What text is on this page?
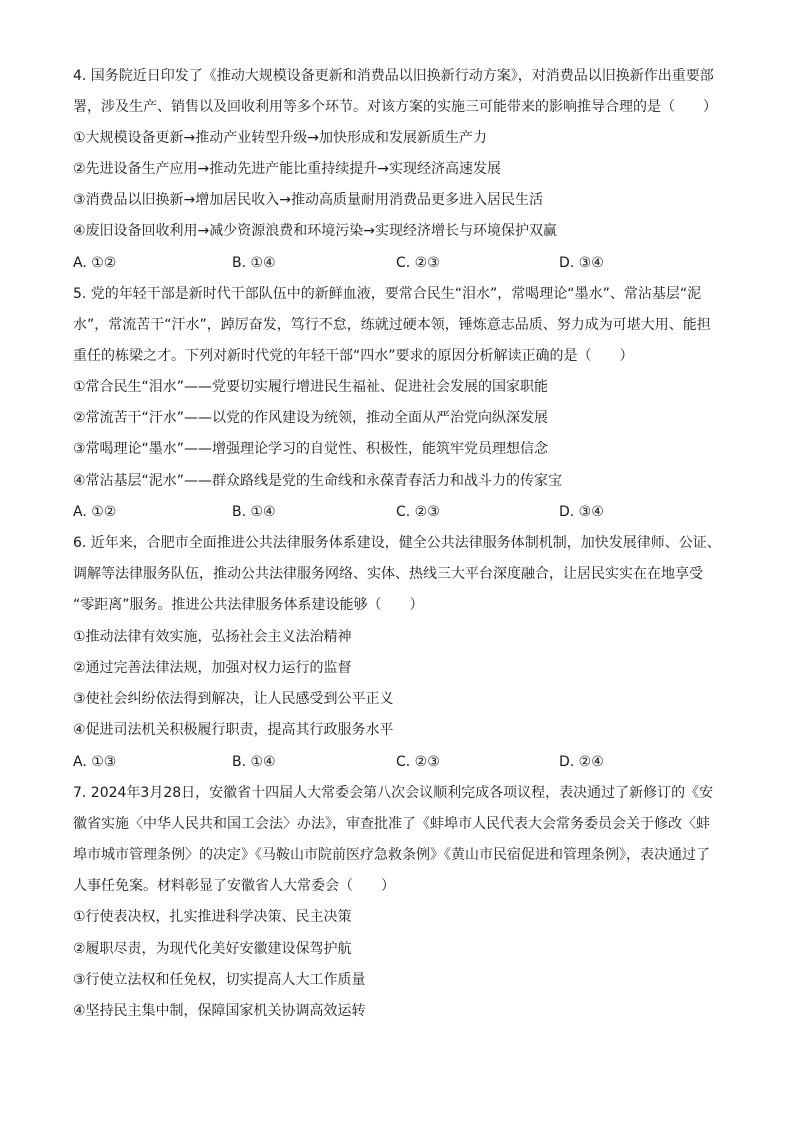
4. 国务院近日印发了《推动大规模设备更新和消费品以旧换新行动方案》，对消费品以旧换新作出重要部
署，涉及生产、销售以及回收利用等多个环节。对该方案的实施三可能带来的影响推导合理的是（　　）
①大规模设备更新→推动产业转型升级→加快形成和发展新质生产力
②先进设备生产应用→推动先进产能比重持续提升→实现经济高速发展
③消费品以旧换新→增加居民收入→推动高质量耐用消费品更多进入居民生活
④废旧设备回收利用→减少资源浪费和环境污染→实现经济增长与环境保护双赢
A. ①②	B. ①④	C. ②③	D. ③④
5. 党的年轻干部是新时代干部队伍中的新鲜血液，要常合民生“泪水”，常喝理论“墨水”、常沾基层“泥
水”，常流苦干“汗水”，踔厉奋发，笃行不怠，练就过硬本领，锤炼意志品质、努力成为可堪大用、能担
重任的栋梁之才。下列对新时代党的年轻干部“四水”要求的原因分析解读正确的是（　　）
①常合民生“泪水”——党要切实履行增进民生福祉、促进社会发展的国家职能
②常流苦干“汗水”——以党的作风建设为统领，推动全面从严治党向纵深发展
③常喝理论“墨水”——增强理论学习的自觉性、积极性，能筑牢党员理想信念
④常沾基层“泥水”——群众路线是党的生命线和永葆青春活力和战斗力的传家宝
A. ①②	B. ①④	C. ②③	D. ③④
6. 近年来，合肥市全面推进公共法律服务体系建设，健全公共法律服务体制机制，加快发展律师、公证、
调解等法律服务队伍，推动公共法律服务网络、实体、热线三大平台深度融合，让居民实实在在地享受
“零距离”服务。推进公共法律服务体系建设能够（　　）
①推动法律有效实施，弘扬社会主义法治精神
②通过完善法律法规，加强对权力运行的监督
③使社会纠纷依法得到解决，让人民感受到公平正义
④促进司法机关积极履行职责，提高其行政服务水平
A. ①③	B. ①④	C. ②③	D. ②④
7. 2024年3月28日，安徽省十四届人大常委会第八次会议顺利完成各项议程，表决通过了新修订的《安
徽省实施〈中华人民共和国工会法〉办法》，审查批准了《蚌埠市人民代表大会常务委员会关于修改〈蚌
埠市城市管理条例〉的决定》《马鞍山市院前医疗急救条例》《黄山市民宿促进和管理条例》，表决通过了
人事任免案。材料彰显了安徽省人大常委会（　　）
①行使表决权，扎实推进科学决策、民主决策
②履职尽责，为现代化美好安徽建设保驾护航
③行使立法权和任免权，切实提高人大工作质量
④坚持民主集中制，保障国家机关协调高效运转
